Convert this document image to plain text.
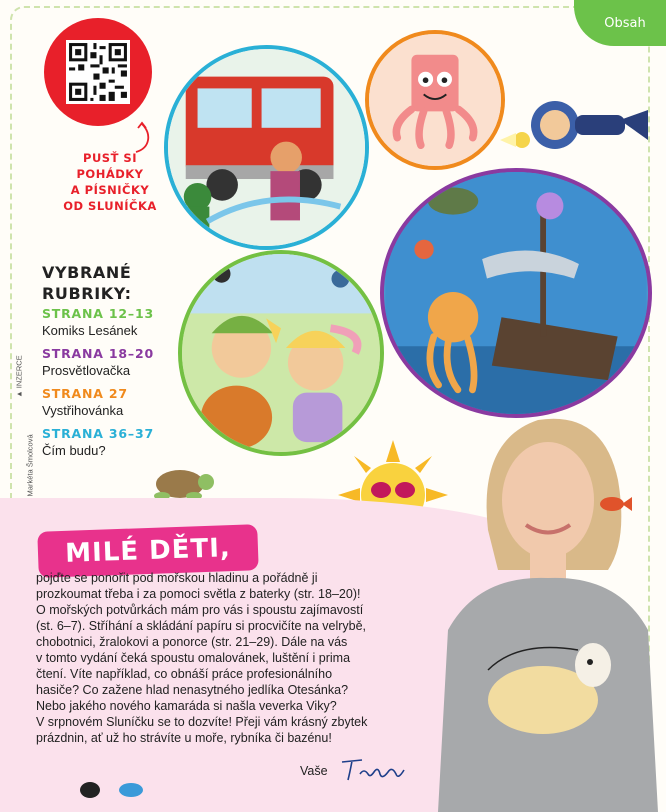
Obsah
PUSŤ SI
POHÁDKY
A PÍSNIČKY
OD SLUNÍČKA
VYBRANÉ
RUBRIKY:
STRANA 12–13
Komiks Lesánek
STRANA 18–20
Prosvětlovačka
STRANA 27
Vystřihovánka
STRANA 36–37
Čím budu?
▲ INZERCE
MILÉ DĚTI,
pojďte se ponořit pod mořskou hladinu a pořádně ji
prozkoumat třeba i za pomoci světla z baterky (str. 18–20)!
O mořských potvůrkách mám pro vás i spoustu zajímavostí
(st. 6–7). Stříhání a skládání papíru si procvičíte na velrybě,
chobotnici, žralokovi a ponorce (str. 21–29). Dále na vás
v tomto vydání čeká spoustu omalovánek, luštění i prima
čtení. Víte například, co obnáší práce profesionálního
hasiče? Co zažene hlad nenasytného jedlíka Otesánka?
Nebo jakého nového kamaráda si našla veverka Viky?
V srpnovém Sluníčku se to dozvíte! Přeji vám krásný zbytek
prázdnin, ať už ho strávíte u moře, rybníka či bazénu!
Vaše
